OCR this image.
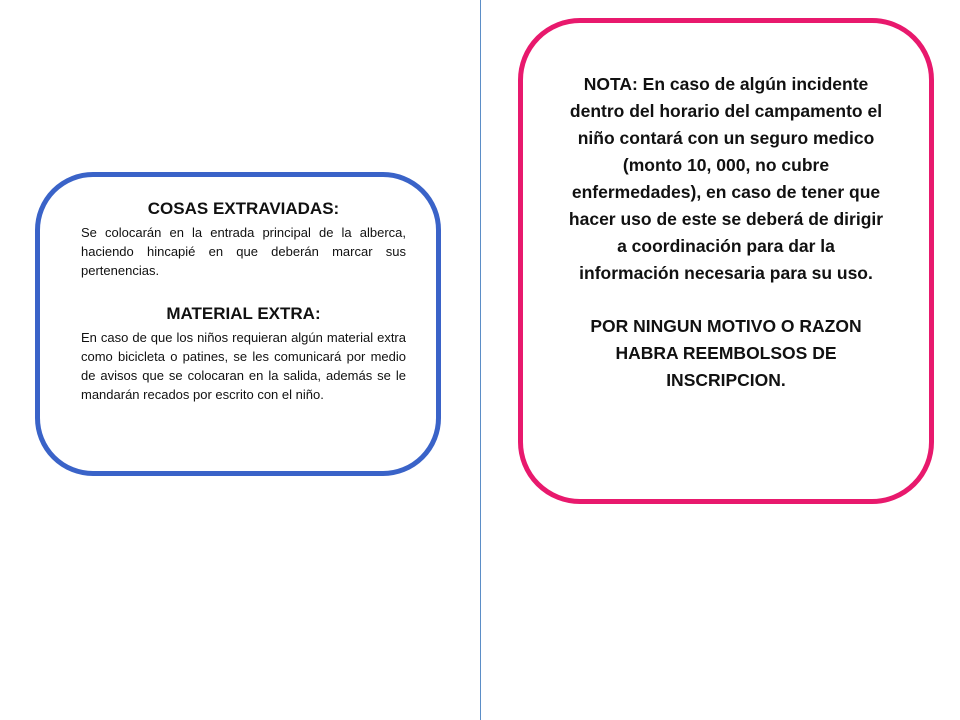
COSAS EXTRAVIADAS:

Se colocarán en la entrada principal de la alberca, haciendo hincapié en que deberán marcar sus pertenencias.

MATERIAL EXTRA:

En caso de que los niños requieran algún material extra como bicicleta o patines, se les comunicará por medio de avisos que se colocaran en la salida, además se le mandarán recados por escrito con el niño.

NOTA: En caso de algún incidente dentro del horario del campamento el niño contará con un seguro medico (monto 10, 000, no cubre enfermedades), en caso de tener que hacer uso de este se deberá de dirigir a coordinación para dar la información necesaria para su uso.

POR NINGUN MOTIVO O RAZON HABRA REEMBOLSOS DE INSCRIPCION.
